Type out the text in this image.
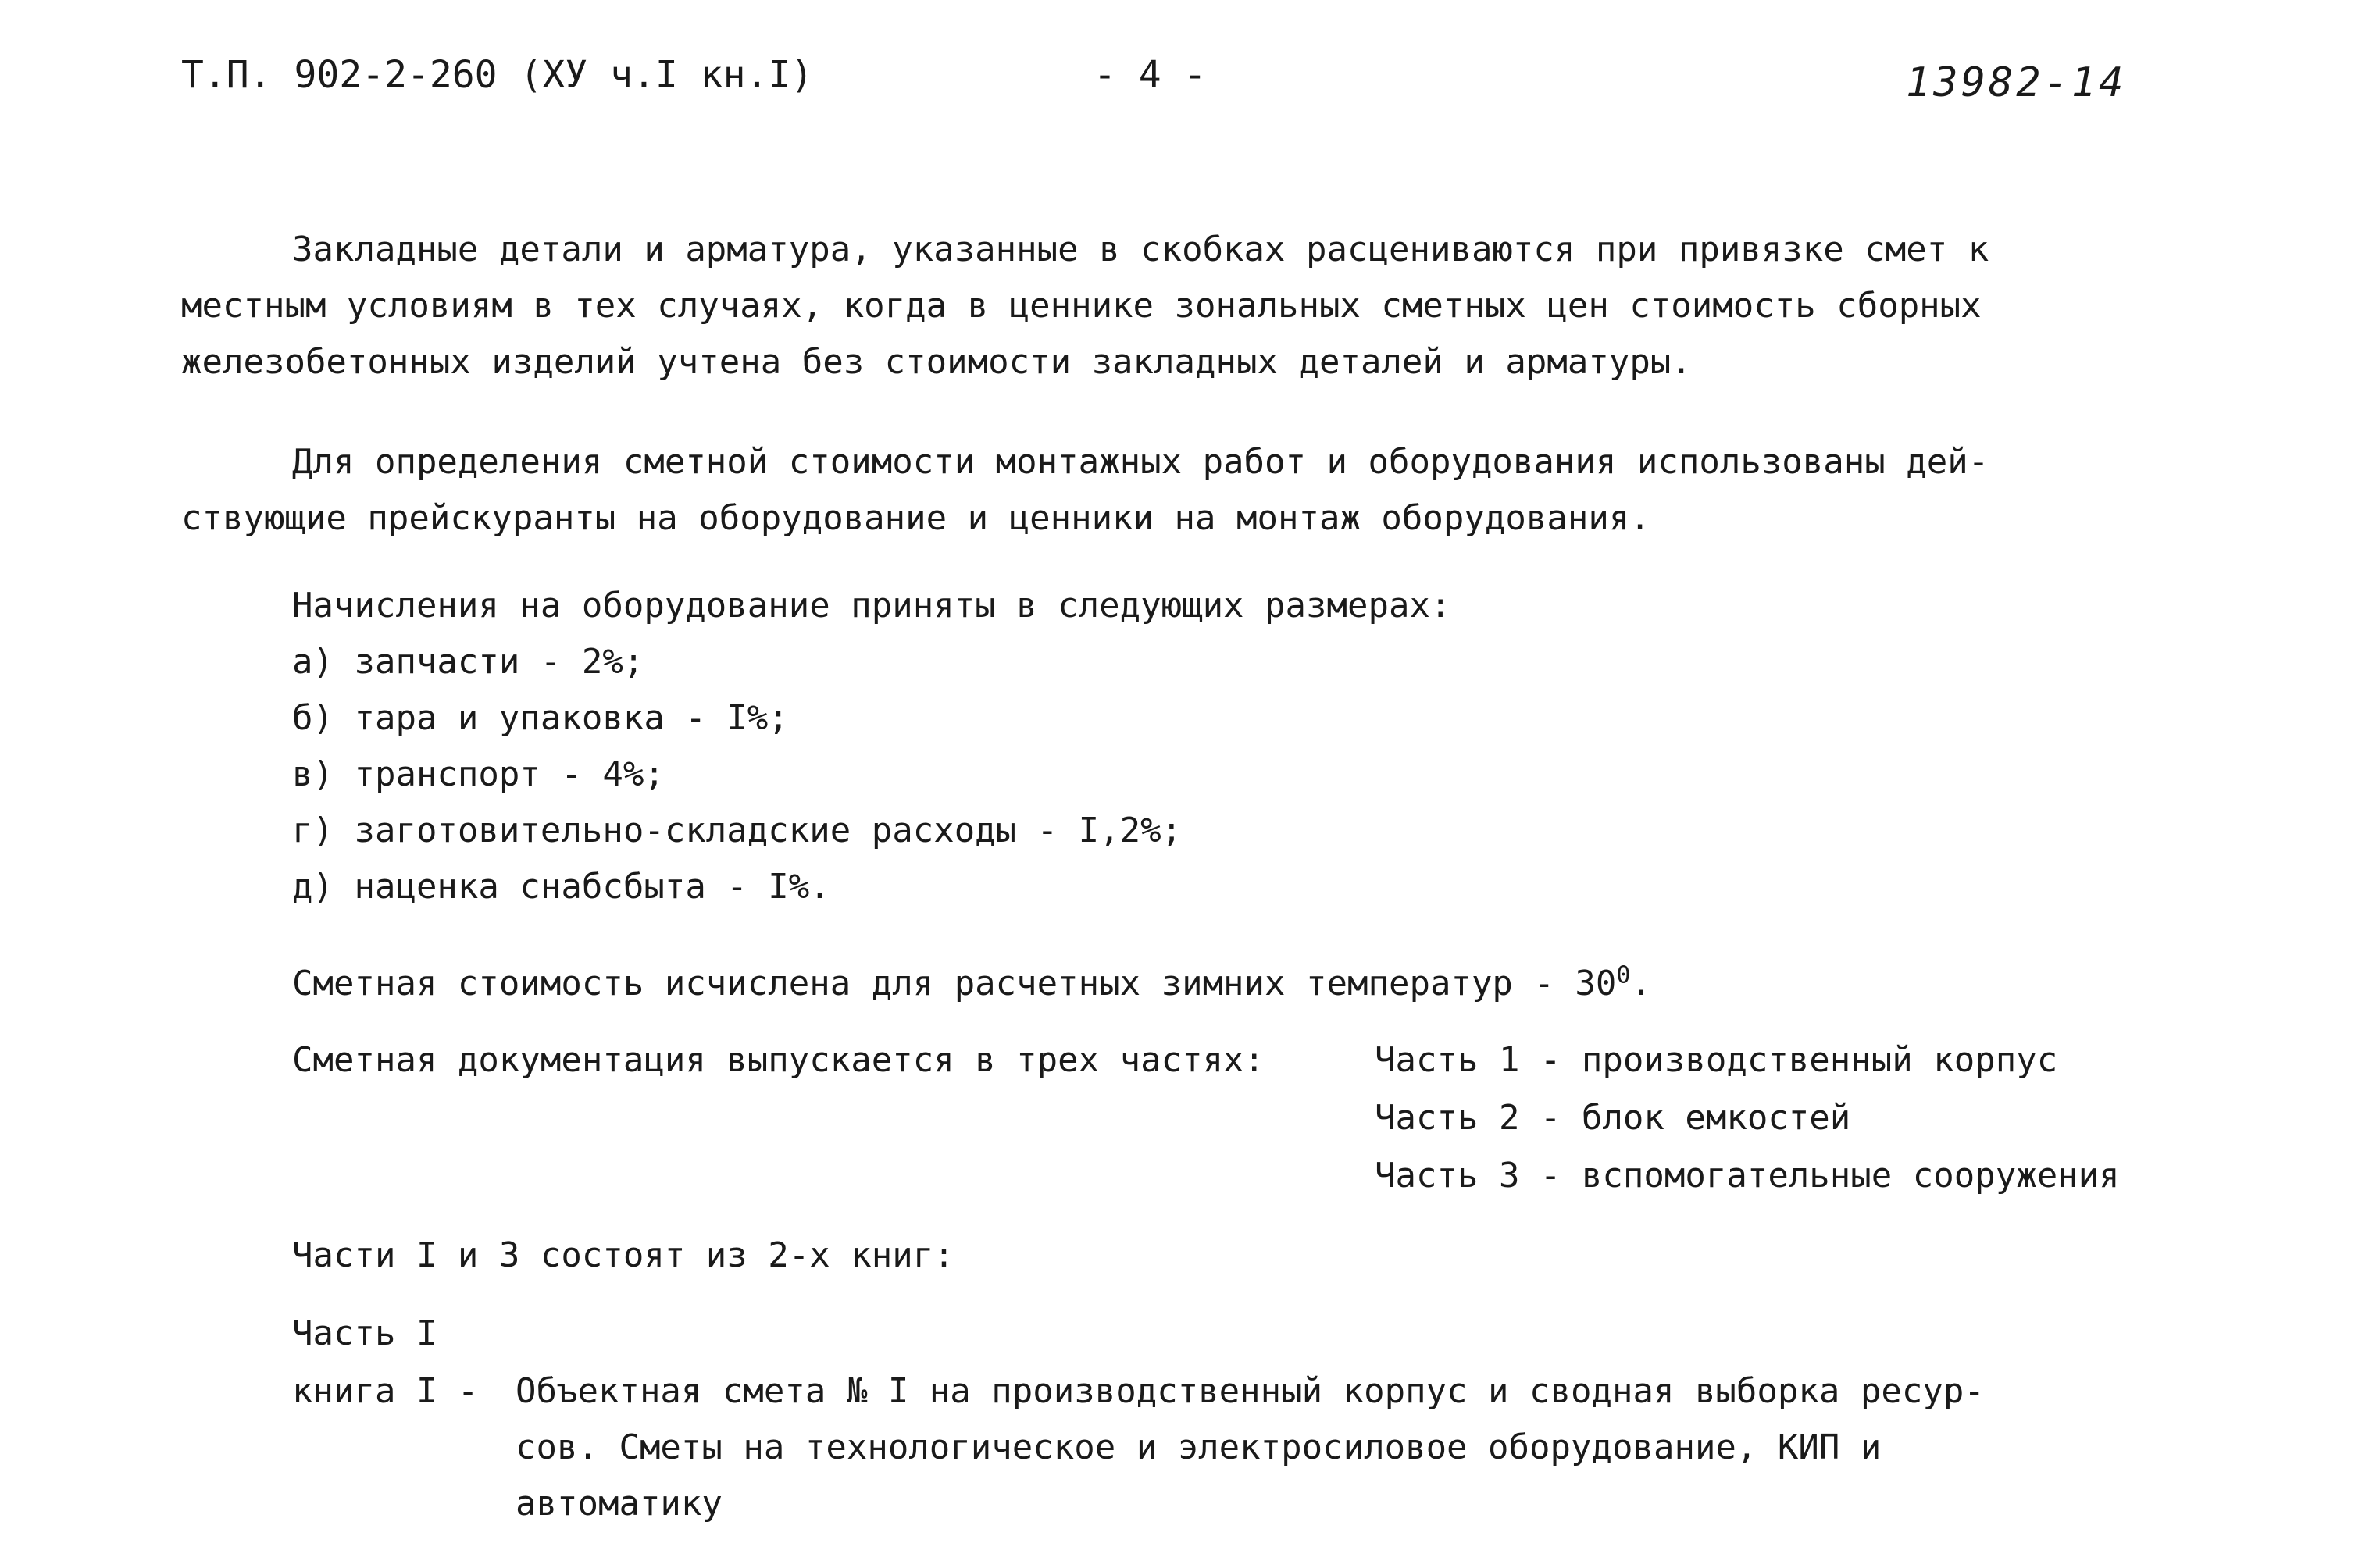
Т.П. 902-2-260 (ХУ ч.I кн.I)	- 4 -	13982-14
Закладные детали и арматура, указанные в скобках расцениваются при привязке смет к
местным условиям в тех случаях, когда в ценнике зональных сметных цен стоимость сборных
железобетонных изделий учтена без стоимости закладных деталей и арматуры.
Для определения сметной стоимости монтажных работ и оборудования использованы дей-
ствующие прейскуранты на оборудование и ценники на монтаж оборудования.
Начисления на оборудование приняты в следующих размерах:
а) запчасти - 2%;
б) тара и упаковка - I%;
в) транспорт - 4%;
г) заготовительно-складские расходы - I,2%;
д) наценка снабсбыта - I%.
Сметная стоимость исчислена для расчетных зимних температур - $30^0$.
Сметная документация выпускается в трех частях:	Часть 1 - производственный корпус
Часть 2 - блок емкостей
Часть 3 - вспомогательные сооружения
Части I и 3 состоят из 2-х книг:
Часть I
книга I - Объектная смета № I на производственный корпус и сводная выборка ресур-
сов. Сметы на технологическое и электросиловое оборудование, КИП и
автоматику
